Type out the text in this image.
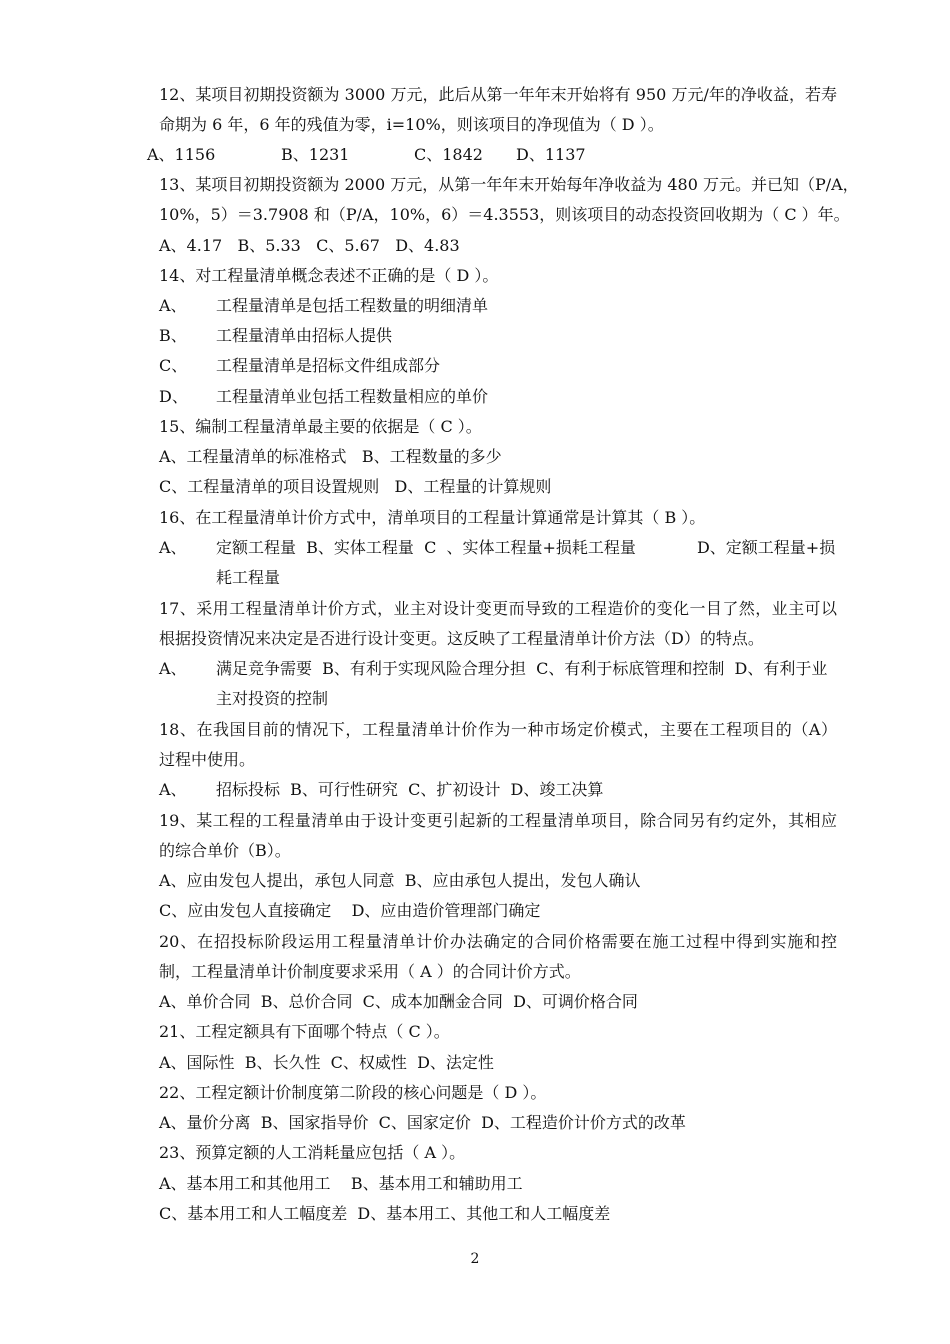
12、某项目初期投资额为 3000 万元，此后从第一年年末开始将有 950 万元/年的净收益，若寿
命期为 6 年，6 年的残值为零，i=10%，则该项目的净现值为（ D ）。
A、1156	B、1231	C、1842 D、1137
13、某项目初期投资额为 2000 万元，从第一年年末开始每年净收益为 480 万元。并已知（P/A，
10%，5）＝3.7908 和（P/A，10%，6）＝4.3553，则该项目的动态投资回收期为（ C ）年。
A、4.17   B、5.33   C、5.67   D、4.83
14、对工程量清单概念表述不正确的是（ D ）。
A、 工程量清单是包括工程数量的明细清单
B、 工程量清单由招标人提供
C、 工程量清单是招标文件组成部分
D、 工程量清单业包括工程数量相应的单价
15、编制工程量清单最主要的依据是（ C ）。
A、工程量清单的标准格式   B、工程数量的多少
C、工程量清单的项目设置规则   D、工程量的计算规则
16、在工程量清单计价方式中，清单项目的工程量计算通常是计算其（ B ）。
A、 定额工程量  B、实体工程量  C  、实体工程量+损耗工程量            D、定额工程量+损
耗工程量
17、采用工程量清单计价方式，业主对设计变更而导致的工程造价的变化一目了然，业主可以
根据投资情况来决定是否进行设计变更。这反映了工程量清单计价方法（D）的特点。
A、 满足竞争需要  B、有利于实现风险合理分担  C、有利于标底管理和控制  D、有利于业
主对投资的控制
18、在我国目前的情况下，工程量清单计价作为一种市场定价模式，主要在工程项目的（A）
过程中使用。
A、 招标投标  B、可行性研究  C、扩初设计  D、竣工决算
19、某工程的工程量清单由于设计变更引起新的工程量清单项目，除合同另有约定外，其相应
的综合单价（B）。
A、应由发包人提出，承包人同意  B、应由承包人提出，发包人确认
C、应由发包人直接确定    D、应由造价管理部门确定
20、在招投标阶段运用工程量清单计价办法确定的合同价格需要在施工过程中得到实施和控
制，工程量清单计价制度要求采用（ A ）的合同计价方式。
A、单价合同  B、总价合同  C、成本加酬金合同  D、可调价格合同
21、工程定额具有下面哪个特点（ C ）。
A、国际性  B、长久性  C、权威性  D、法定性
22、工程定额计价制度第二阶段的核心问题是（ D ）。
A、量价分离  B、国家指导价  C、国家定价  D、工程造价计价方式的改革
23、预算定额的人工消耗量应包括（ A ）。
A、基本用工和其他用工    B、基本用工和辅助用工
C、基本用工和人工幅度差  D、基本用工、其他工和人工幅度差
2
